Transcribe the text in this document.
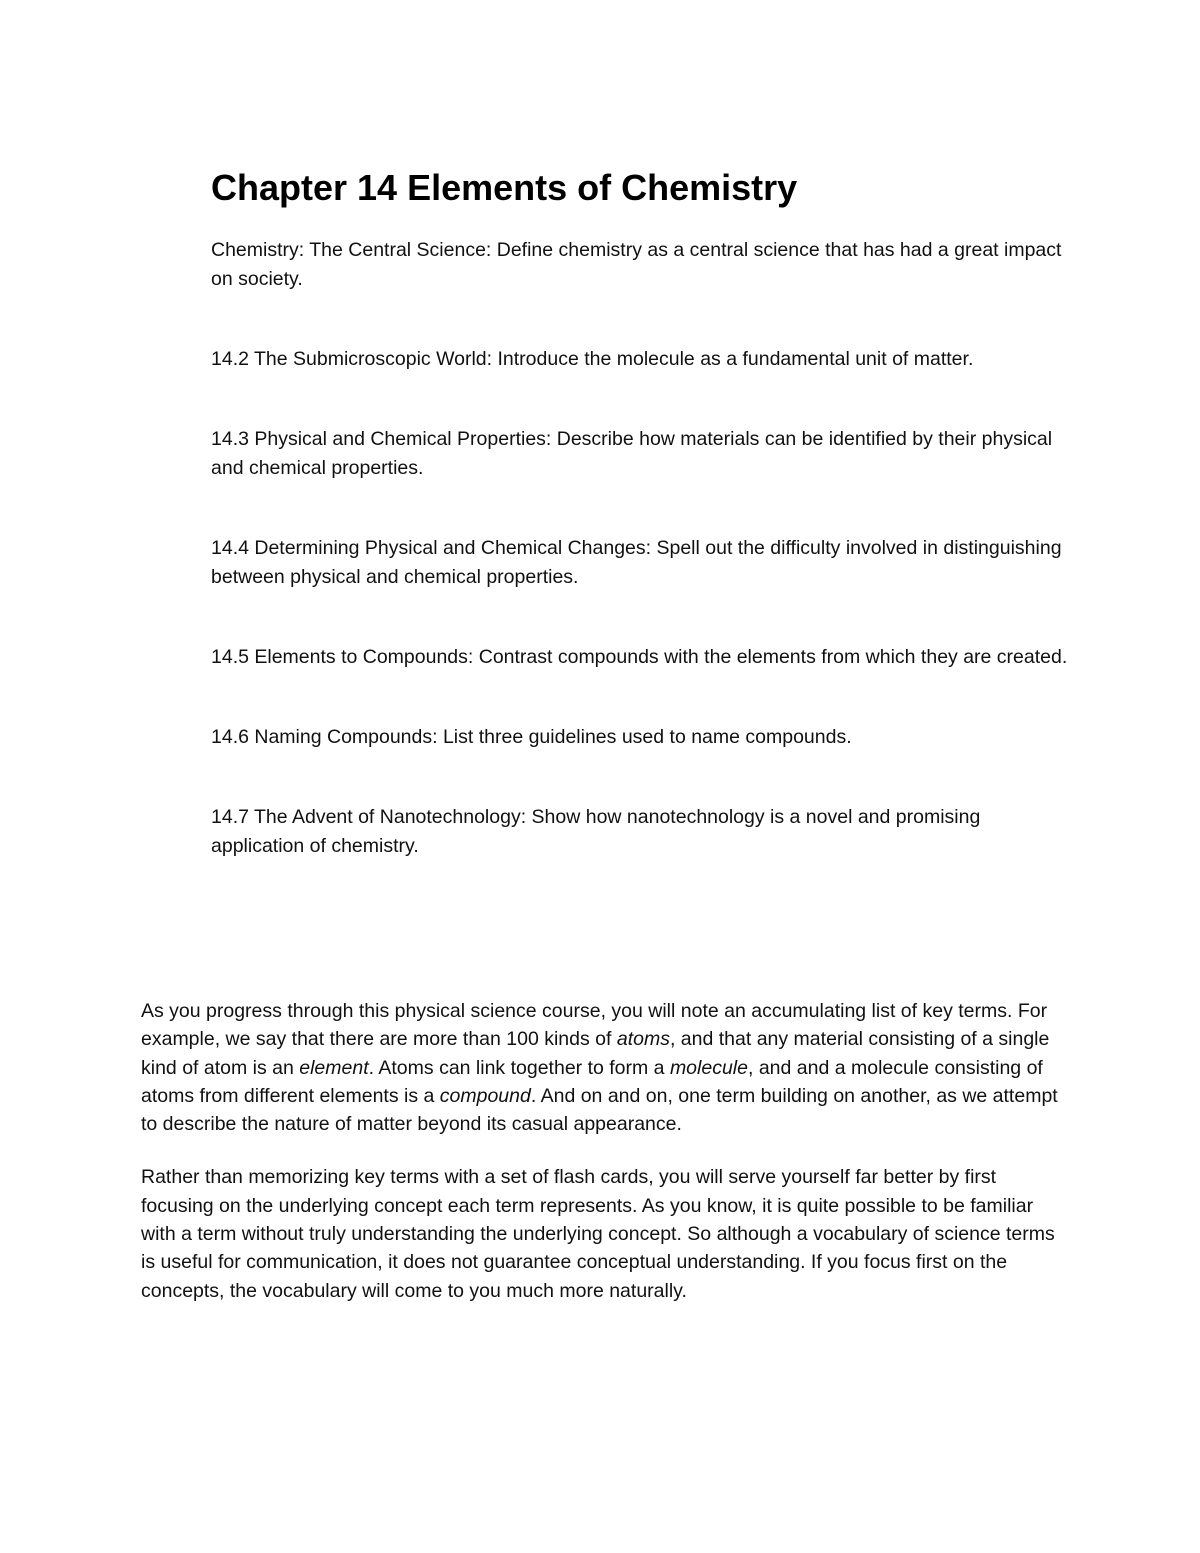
Chapter 14 Elements of Chemistry

Chemistry: The Central Science: Define chemistry as a central science that has had a great impact on society.

14.2 The Submicroscopic World: Introduce the molecule as a fundamental unit of matter.

14.3 Physical and Chemical Properties: Describe how materials can be identified by their physical and chemical properties.

14.4 Determining Physical and Chemical Changes: Spell out the difficulty involved in distinguishing between physical and chemical properties.

14.5 Elements to Compounds: Contrast compounds with the elements from which they are created.

14.6 Naming Compounds: List three guidelines used to name compounds.

14.7 The Advent of Nanotechnology: Show how nanotechnology is a novel and promising application of chemistry.

As you progress through this physical science course, you will note an accumulating list of key terms. For example, we say that there are more than 100 kinds of atoms, and that any material consisting of a single kind of atom is an element. Atoms can link together to form a molecule, and and a molecule consisting of atoms from different elements is a compound. And on and on, one term building on another, as we attempt to describe the nature of matter beyond its casual appearance.

Rather than memorizing key terms with a set of flash cards, you will serve yourself far better by first focusing on the underlying concept each term represents. As you know, it is quite possible to be familiar with a term without truly understanding the underlying concept. So although a vocabulary of science terms is useful for communication, it does not guarantee conceptual understanding. If you focus first on the concepts, the vocabulary will come to you much more naturally.
